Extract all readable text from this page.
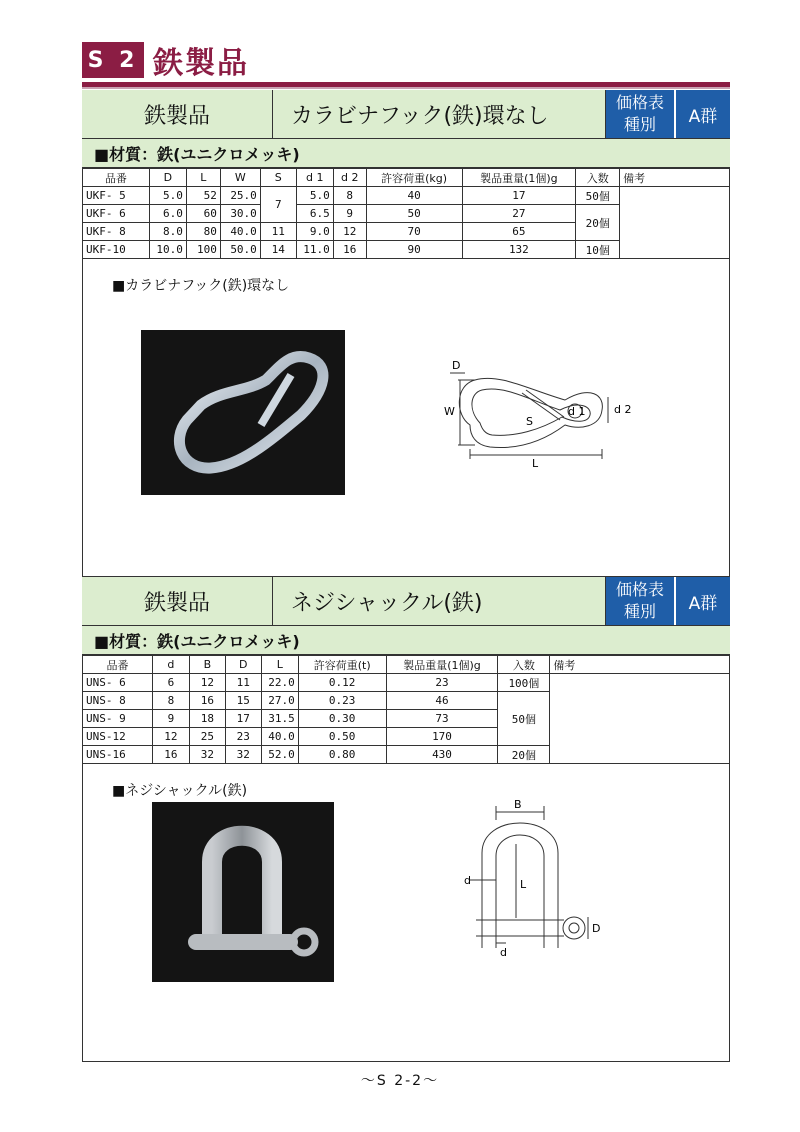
S 2 鉄製品
鉄製品	カラビナフック(鉄)環なし
価格表
種別	A群
■材質：鉄(ユニクロメッキ)
品番	D	L	W	S	d 1	d 2	許容荷重(kg)	製品重量(1個)g	入数	備考
UKF- 5	5.0	52	25.0	7	5.0	8	40	17	50個	
UKF- 6	6.0	60	30.0		6.5	9	50	27	20個	
UKF- 8	8.0	80	40.0	11	9.0	12	70	65		
UKF-10	10.0	100	50.0	14	11.0	16	90	132	10個	
■カラビナフック(鉄)環なし
D
W
S
d 1	d 2
L
鉄製品	ネジシャックル(鉄)
価格表
種別	A群
■材質：鉄(ユニクロメッキ)
品番	d	B	D	L	許容荷重(t)	製品重量(1個)g	入数	備考
UNS- 6	6	12	11	22.0	0.12	23	100個	
UNS- 8	8	16	15	27.0	0.23	46	50個	
UNS- 9	9	18	17	31.5	0.30	73		
UNS-12	12	25	23	40.0	0.50	170		
UNS-16	16	32	32	52.0	0.80	430	20個	
■ネジシャックル(鉄)
B
d	L
d
D
～S 2-2～
